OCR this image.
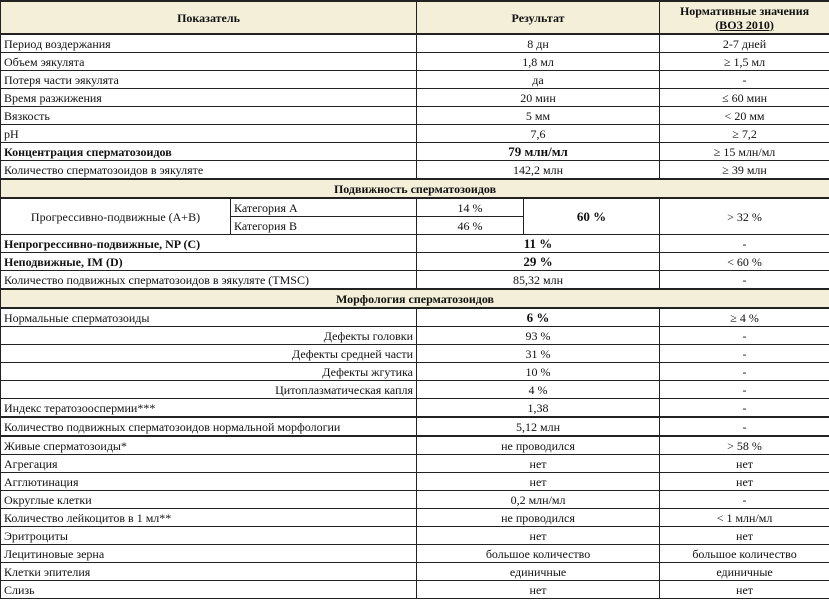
Показатель		Результат		Нормативные значения
(ВОЗ 2010)
Период воздержания		8 дн		2-7 дней
Объем эякулята		1,8 мл		≥ 1,5 мл
Потеря части эякулята		да		-
Время разжижения		20 мин		≤ 60 мин
Вязкость		5 мм		< 20 мм
pH		7,6		≥ 7,2
Концентрация сперматозоидов		79 млн/мл		≥ 15 млн/мл
Количество сперматозоидов в эякуляте		142,2 млн		≥ 39 млн
Подвижность сперматозоидов				
Прогрессивно-подвижные (A+B)	Категория A	14 %	60 %	> 32 %
	Категория B	46 %		
Непрогрессивно-подвижные, NP (C)		11 %		-
Неподвижные, IM (D)		29 %		< 60 %
Количество подвижных сперматозоидов в эякуляте (TMSC)		85,32 млн		-
Морфология сперматозоидов				
Нормальные сперматозоиды		6 %		≥ 4 %
Дефекты головки		93 %		-
Дефекты средней части		31 %		-
Дефекты жгутика		10 %		-
Цитоплазматическая капля		4 %		-
Индекс тератозооспермии***		1,38		-
Количество подвижных сперматозоидов нормальной морфологии		5,12 млн		-
Живые сперматозоиды*		не проводился		> 58 %
Агрегация		нет		нет
Агглютинация		нет		нет
Округлые клетки		0,2 млн/мл		-
Количество лейкоцитов в 1 мл**		не проводился		< 1 млн/мл
Эритроциты		нет		нет
Лецитиновые зерна		большое количество		большое количество
Клетки эпителия		единичные		единичные
Слизь		нет		нет
